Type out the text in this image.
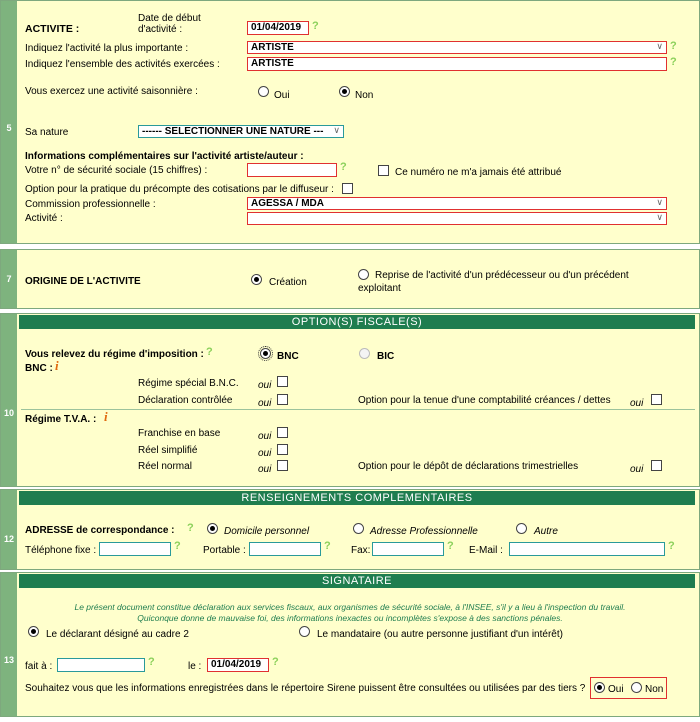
5
ACTIVITE :
Date de début
d'activité :	01/04/2019 ?
Indiquez l'activité la plus importante :	ARTISTE	∨ ?
Indiquez l'ensemble des activités exercées :	ARTISTE	?
Vous exercez une activité saisonnière :	Oui	Non
Sa nature	------ SELECTIONNER UNE NATURE --- ∨
Informations complémentaires sur l'activité artiste/auteur :
Votre n° de sécurité sociale (15 chiffres) :	?	Ce numéro ne m'a jamais été attribué
Option pour la pratique du précompte des cotisations par le diffuseur :
Commission professionnelle :	AGESSA / MDA	∨
Activité :	∨
7	ORIGINE DE L'ACTIVITE	Création
Reprise de l'activité d'un prédécesseur ou d'un précédent
exploitant
10
OPTION(S) FISCALE(S)
Vous relevez du régime d'imposition : ?	BNC	BIC
BNC : i
Régime spécial B.N.C. oui
Déclaration contrôlée	oui	Option pour la tenue d'une comptabilité créances / dettes oui
Régime T.V.A. : i
Franchise en base	oui
Réel simplifié	oui
Réel normal	oui	Option pour le dépôt de déclarations trimestrielles	oui
12
RENSEIGNEMENTS COMPLEMENTAIRES
ADRESSE de correspondance : ?	Domicile personnel	Adresse Professionnelle	Autre
Téléphone fixe :	? Portable :	? Fax:	? E-Mail :	?
13
SIGNATAIRE
Le présent document constitue déclaration aux services fiscaux, aux organismes de sécurité sociale, à l'INSEE, s'il y a lieu à l'inspection du travail.
Quiconque donne de mauvaise foi, des informations inexactes ou incomplètes s'expose à des sanctions pénales.
Le déclarant désigné au cadre 2	Le mandataire (ou autre personne justifiant d'un intérêt)
fait à :	?	le : 01/04/2019 ?
Souhaitez vous que les informations enregistrées dans le répertoire Sirene puissent être consultées ou utilisées par des tiers ? Oui Non
